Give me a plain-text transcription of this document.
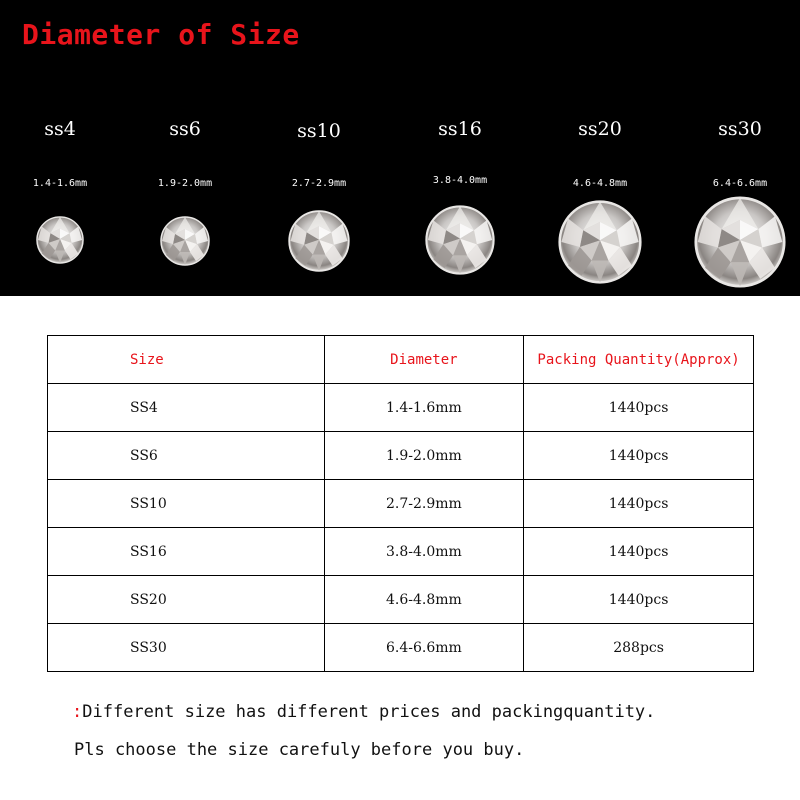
Diameter of Size
ss4
1.4-1.6mm
ss6
1.9-2.0mm
ss10
2.7-2.9mm
ss16
3.8-4.0mm
ss20
4.6-4.8mm
ss30
6.4-6.6mm
Size	Diameter	Packing Quantity(Approx)
SS4	1.4-1.6mm	1440pcs
SS6	1.9-2.0mm	1440pcs
SS10	2.7-2.9mm	1440pcs
SS16	3.8-4.0mm	1440pcs
SS20	4.6-4.8mm	1440pcs
SS30	6.4-6.6mm	288pcs
:Different size has different prices and packingquantity.
Pls choose the size carefuly before you buy.
